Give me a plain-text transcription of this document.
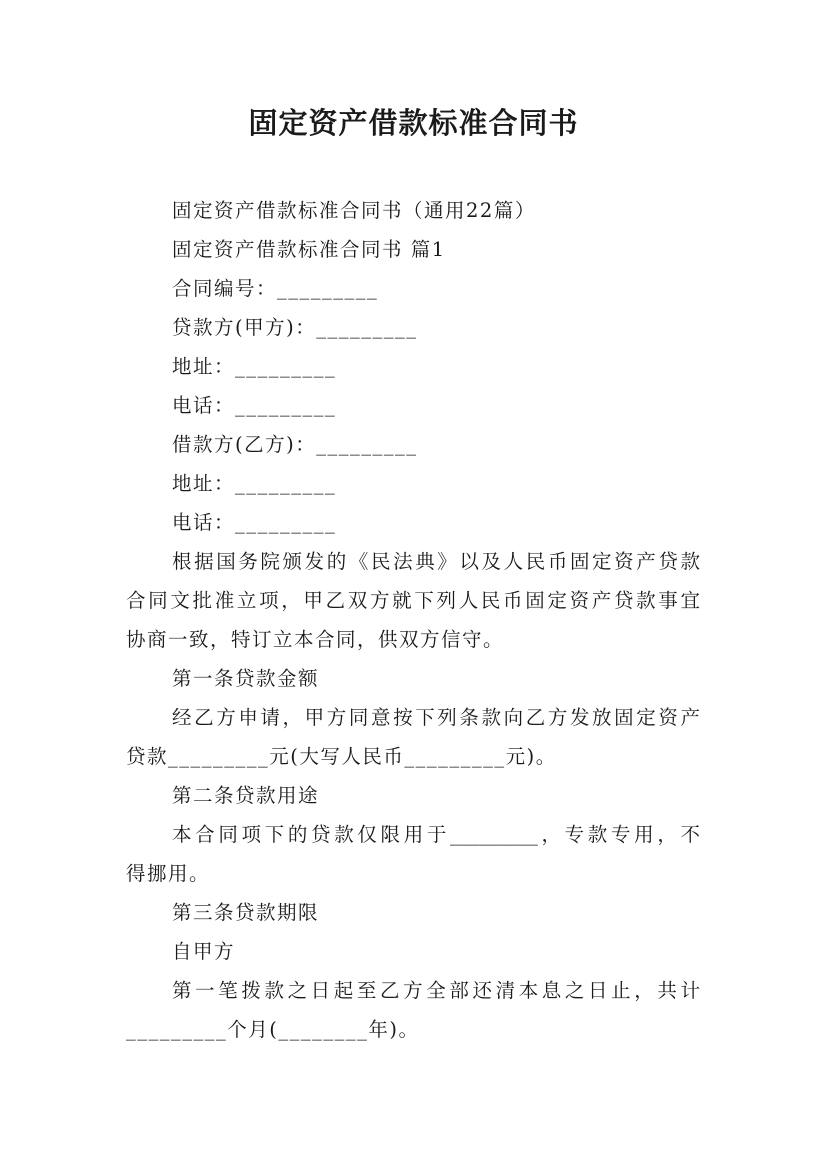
固定资产借款标准合同书
固定资产借款标准合同书（通用22篇）
固定资产借款标准合同书 篇1
合同编号：_________
贷款方(甲方)：_________
地址：_________
电话：_________
借款方(乙方)：_________
地址：_________
电话：_________
根据国务院颁发的《民法典》以及人民币固定资产贷款
合同文批准立项，甲乙双方就下列人民币固定资产贷款事宜
协商一致，特订立本合同，供双方信守。
第一条贷款金额
经乙方申请，甲方同意按下列条款向乙方发放固定资产
贷款_________元(大写人民币_________元)。
第二条贷款用途
本合同项下的贷款仅限用于_________，专款专用，不
得挪用。
第三条贷款期限
自甲方
第一笔拨款之日起至乙方全部还清本息之日止，共计
_________个月(________年)。
